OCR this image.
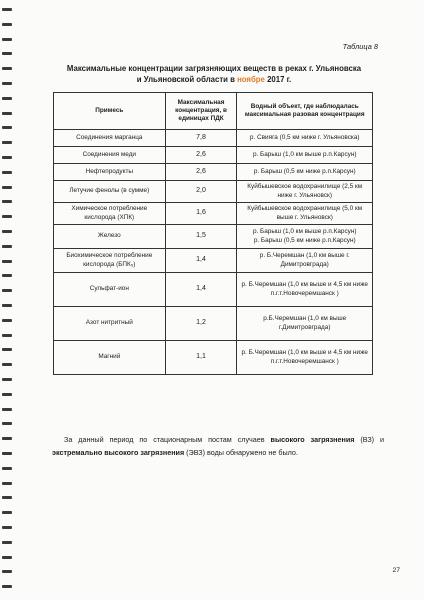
Таблица 8
Максимальные концентрации загрязняющих веществ в реках г. Ульяновска
и Ульяновской области в ноябре 2017 г.
Примесь	Максимальная концентрация, в единицах ПДК	Водный объект, где наблюдалась максимальная разовая концентрация
Соединения марганца	7,8	р. Свияга (0,5 км ниже г. Ульяновска)

Соединения меди	2,6	р. Барыш (1,0 км выше р.п.Карсун)

Нефтепродукты	2,6	р. Барыш (0,5 км ниже р.п.Карсун)

Летучие фенолы (в сумме)	2,0	Куйбышевское водохранилище (2,5 км ниже г. Ульяновск)

Химическое потребление кислорода (ХПК)	1,6	Куйбышевское водохранилище (5,0 км выше г. Ульяновск)

Железо	1,5	р. Барыш (1,0 км выше р.п.Карсун)
р. Барыш (0,5 км ниже р.п.Карсун)

Биохимическое потребление кислорода (БПК₅)	1,4	р. Б.Черемшан (1,0 км выше г. Димитровграда)

Сульфат-ион	1,4	р. Б.Черемшан (1,0 км выше и 4,5 км ниже п.г.т.Новочеремшанск )

Азот нитритный	1,2	р.Б.Черемшан (1,0 км выше г.Димитровграда)

Магний	1,1	р. Б.Черемшан (1,0 км выше и 4,5 км ниже п.г.т.Новочеремшанск )
За данный период по стационарным постам случаев высокого загрязнения (ВЗ) и экстремально высокого загрязнения (ЭВЗ) воды обнаружено не было.
27
